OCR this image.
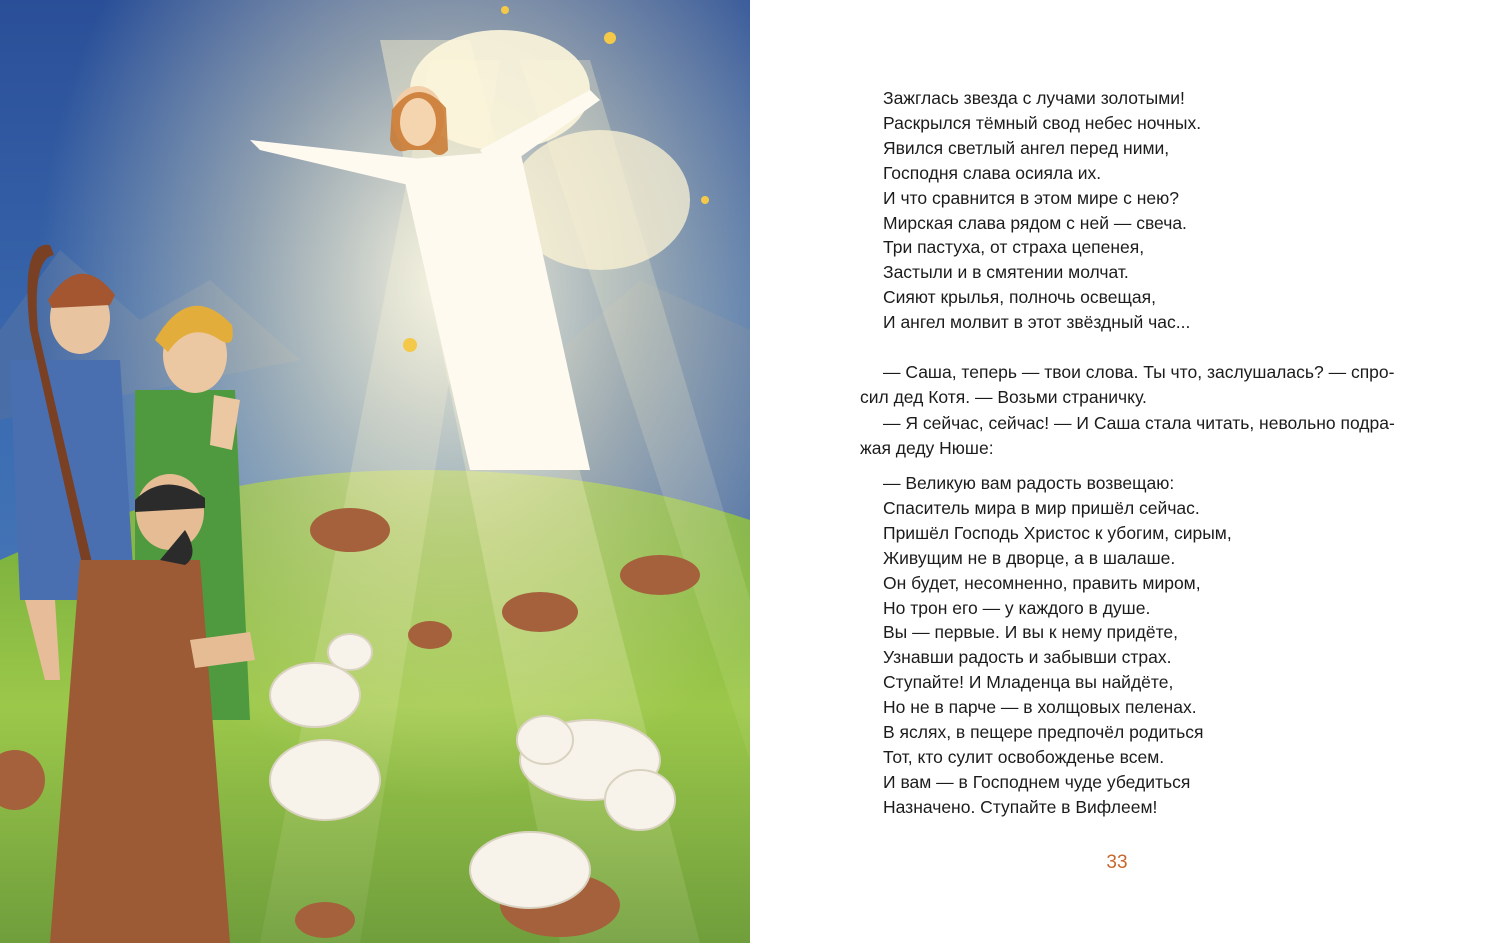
Зажглась звезда с лучами золотыми!
Раскрылся тёмный свод небес ночных.
Явился светлый ангел перед ними,
Господня слава осияла их.
И что сравнится в этом мире с нею?
Мирская слава рядом с ней — свеча.
Три пастуха, от страха цепенея,
Застыли и в смятении молчат.
Сияют крылья, полночь освещая,
И ангел молвит в этот звёздный час...
— Саша, теперь — твои слова. Ты что, заслушалась? — спро-
сил дед Котя. — Возьми страничку.
— Я сейчас, сейчас! — И Саша стала читать, невольно подра-
жая деду Нюше:
— Великую вам радость возвещаю:
Спаситель мира в мир пришёл сейчас.
Пришёл Господь Христос к убогим, сирым,
Живущим не в дворце, а в шалаше.
Он будет, несомненно, править миром,
Но трон его — у каждого в душе.
Вы — первые. И вы к нему придёте,
Узнавши радость и забывши страх.
Ступайте! И Младенца вы найдёте,
Но не в парче — в холщовых пеленах.
В яслях, в пещере предпочёл родиться
Тот, кто сулит освобожденье всем.
И вам — в Господнем чуде убедиться
Назначено. Ступайте в Вифлеем!
33
